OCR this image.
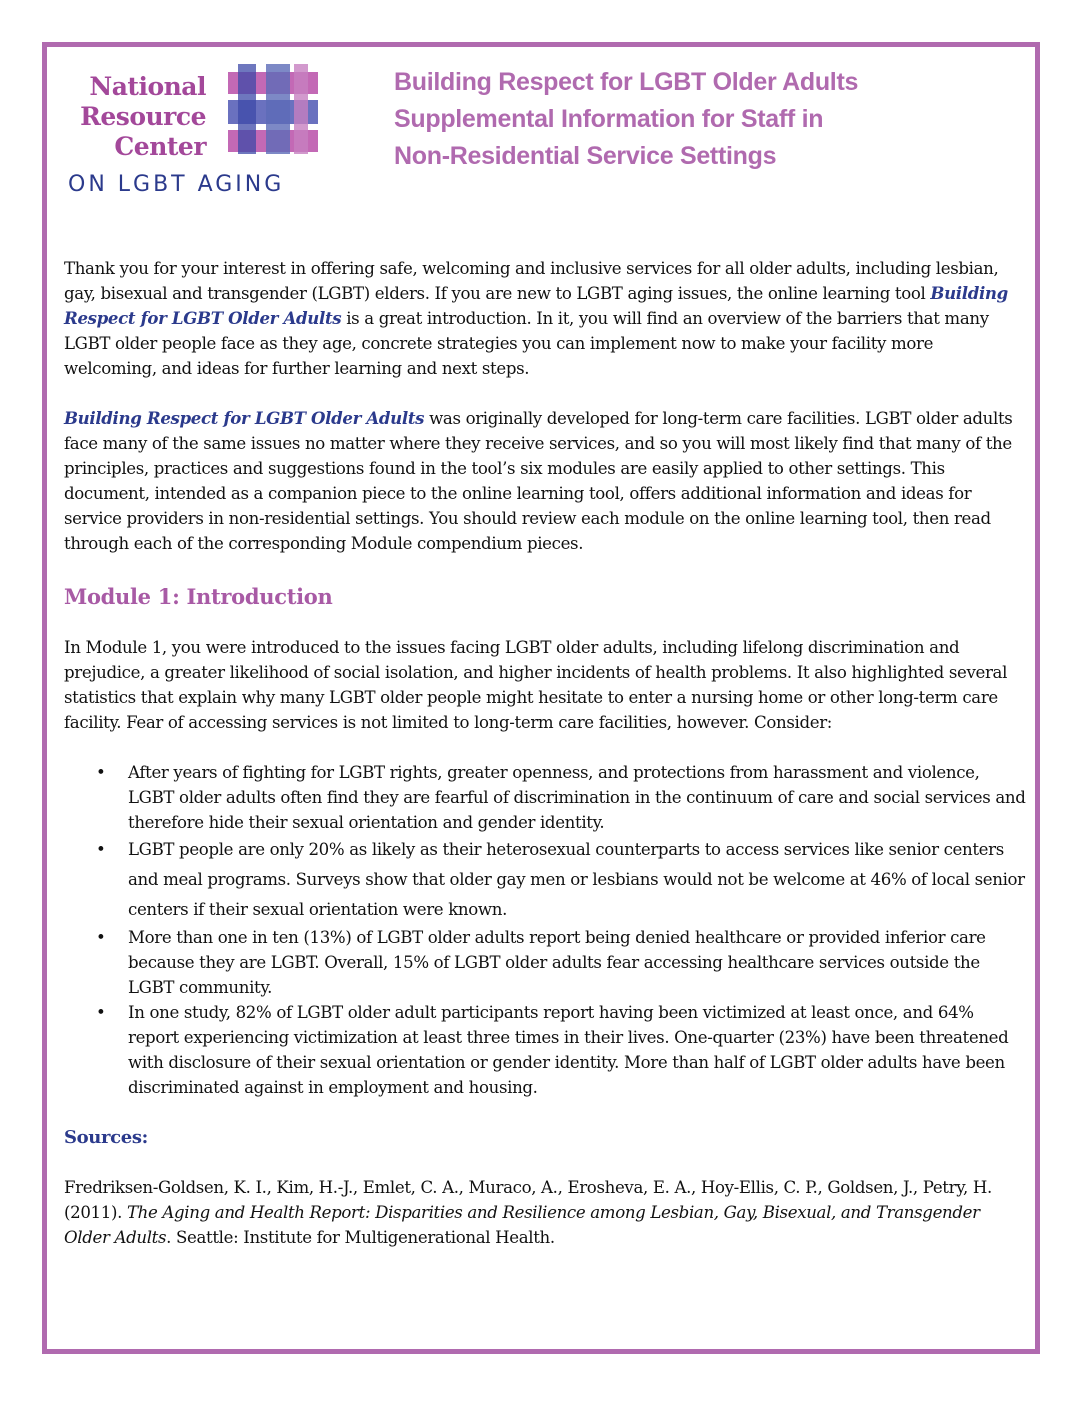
National
Resource
Center
ON LGBT AGING
Building Respect for LGBT Older Adults
Supplemental Information for Staff in
Non-Residential Service Settings

Thank you for your interest in offering safe, welcoming and inclusive services for all older adults, including lesbian, gay, bisexual and transgender (LGBT) elders. If you are new to LGBT aging issues, the online learning tool Building Respect for LGBT Older Adults is a great introduction. In it, you will find an overview of the barriers that many LGBT older people face as they age, concrete strategies you can implement now to make your facility more welcoming, and ideas for further learning and next steps.

Building Respect for LGBT Older Adults was originally developed for long-term care facilities. LGBT older adults face many of the same issues no matter where they receive services, and so you will most likely find that many of the principles, practices and suggestions found in the tool’s six modules are easily applied to other settings. This document, intended as a companion piece to the online learning tool, offers additional information and ideas for service providers in non-residential settings. You should review each module on the online learning tool, then read through each of the corresponding Module compendium pieces.

Module 1: Introduction

In Module 1, you were introduced to the issues facing LGBT older adults, including lifelong discrimination and prejudice, a greater likelihood of social isolation, and higher incidents of health problems. It also highlighted several statistics that explain why many LGBT older people might hesitate to enter a nursing home or other long-term care facility. Fear of accessing services is not limited to long-term care facilities, however. Consider:

• After years of fighting for LGBT rights, greater openness, and protections from harassment and violence, LGBT older adults often find they are fearful of discrimination in the continuum of care and social services and therefore hide their sexual orientation and gender identity.
• LGBT people are only 20% as likely as their heterosexual counterparts to access services like senior centers and meal programs. Surveys show that older gay men or lesbians would not be welcome at 46% of local senior centers if their sexual orientation were known.
• More than one in ten (13%) of LGBT older adults report being denied healthcare or provided inferior care because they are LGBT. Overall, 15% of LGBT older adults fear accessing healthcare services outside the LGBT community.
• In one study, 82% of LGBT older adult participants report having been victimized at least once, and 64% report experiencing victimization at least three times in their lives. One-quarter (23%) have been threatened with disclosure of their sexual orientation or gender identity. More than half of LGBT older adults have been discriminated against in employment and housing.
Sources:

Fredriksen-Goldsen, K. I., Kim, H.-J., Emlet, C. A., Muraco, A., Erosheva, E. A., Hoy-Ellis, C. P., Goldsen, J., Petry, H. (2011). The Aging and Health Report: Disparities and Resilience among Lesbian, Gay, Bisexual, and Transgender Older Adults. Seattle: Institute for Multigenerational Health.
